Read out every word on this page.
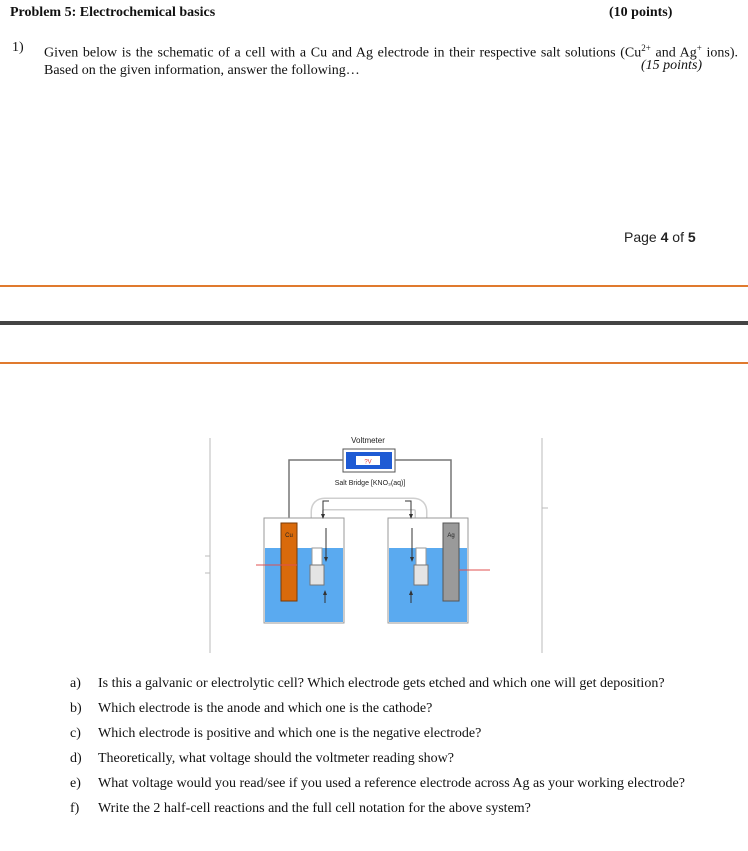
Problem 5: Electrochemical basics	(10 points)
1) Given below is the schematic of a cell with a Cu and Ag electrode in their respective salt solutions ($Cu^{2+}$ and Ag+ ions). Based on the given information, answer the following…	(15 points)
Page 4 of 5
Voltmeter
?V
Salt Bridge [KNO₃(aq)]
Cu	Ag
a) Is this a galvanic or electrolytic cell? Which electrode gets etched and which one will get deposition?
b) Which electrode is the anode and which one is the cathode?
c) Which electrode is positive and which one is the negative electrode?
d) Theoretically, what voltage should the voltmeter reading show?
e) What voltage would you read/see if you used a reference electrode across Ag as your working electrode?
f) Write the 2 half-cell reactions and the full cell notation for the above system?
